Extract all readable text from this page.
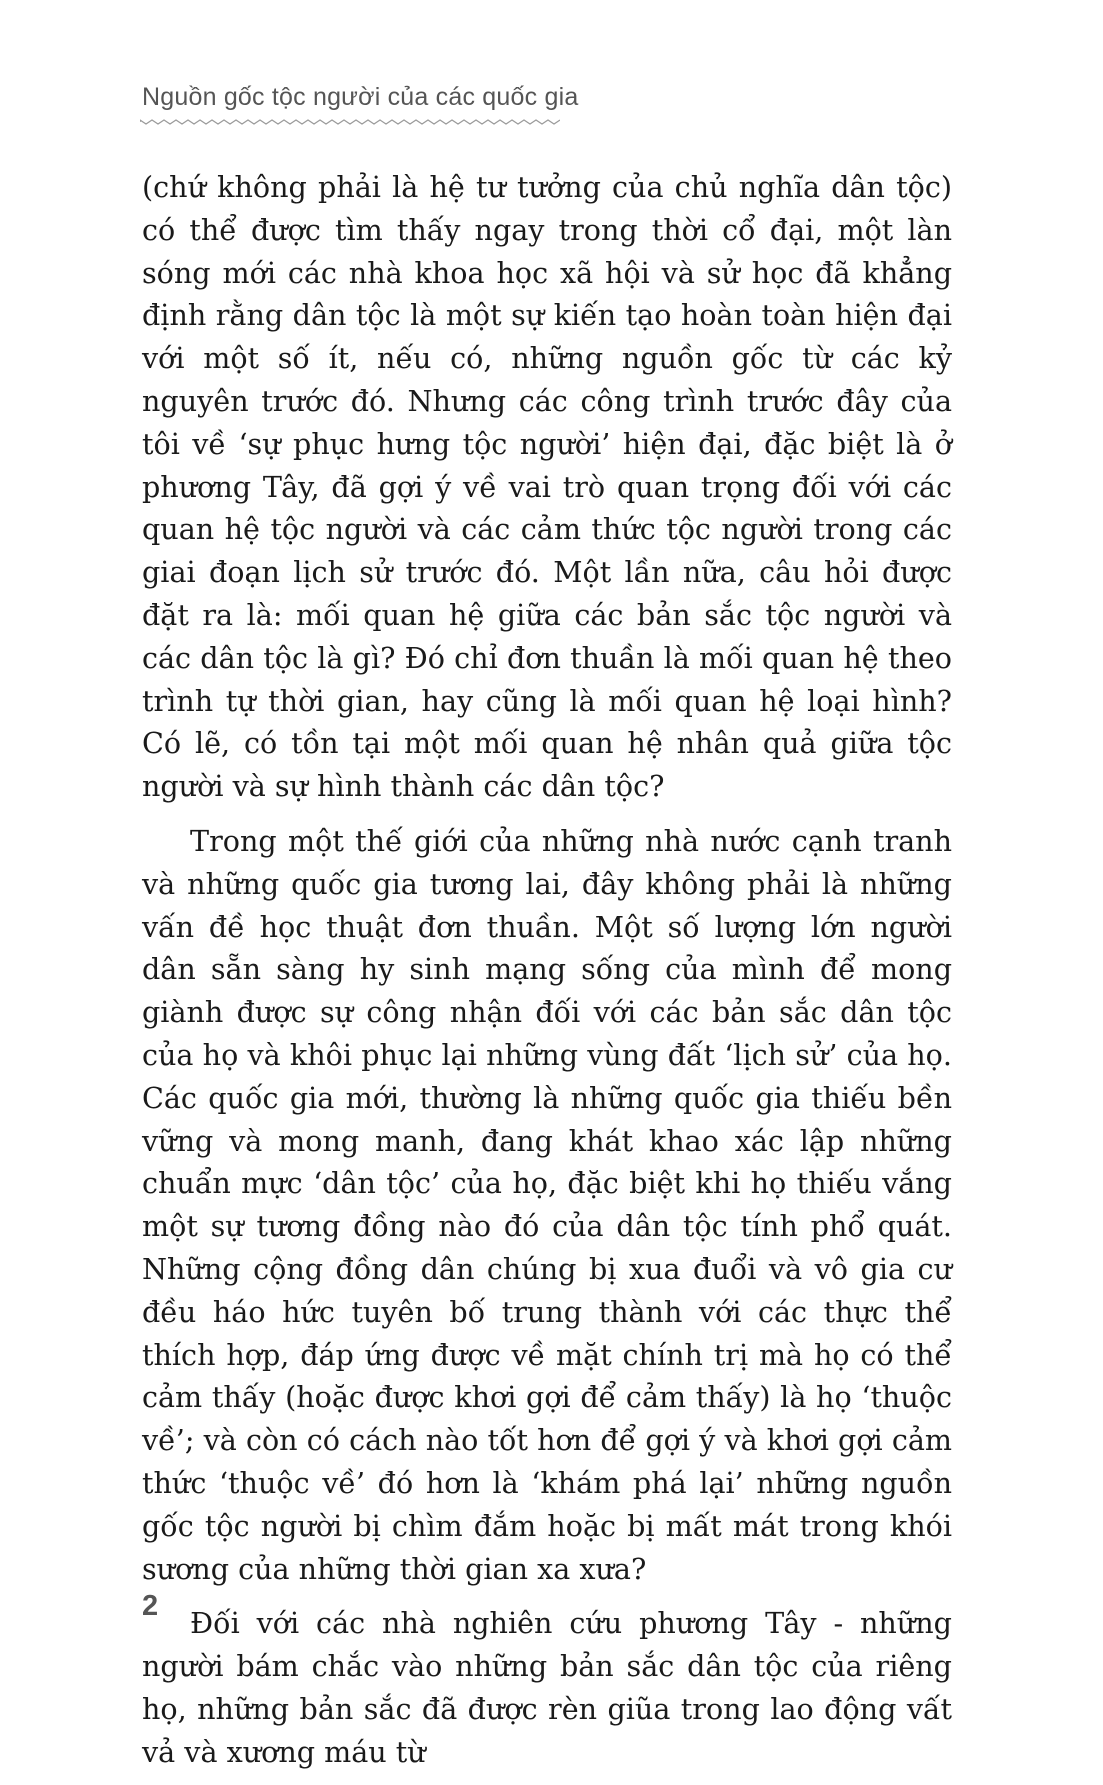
Nguồn gốc tộc người của các quốc gia

(chứ không phải là hệ tư tưởng của chủ nghĩa dân tộc) có thể được tìm thấy ngay trong thời cổ đại, một làn sóng mới các nhà khoa học xã hội và sử học đã khẳng định rằng dân tộc là một sự kiến tạo hoàn toàn hiện đại với một số ít, nếu có, những nguồn gốc từ các kỷ nguyên trước đó. Nhưng các công trình trước đây của tôi về ‘sự phục hưng tộc người’ hiện đại, đặc biệt là ở phương Tây, đã gợi ý về vai trò quan trọng đối với các quan hệ tộc người và các cảm thức tộc người trong các giai đoạn lịch sử trước đó. Một lần nữa, câu hỏi được đặt ra là: mối quan hệ giữa các bản sắc tộc người và các dân tộc là gì? Đó chỉ đơn thuần là mối quan hệ theo trình tự thời gian, hay cũng là mối quan hệ loại hình? Có lẽ, có tồn tại một mối quan hệ nhân quả giữa tộc người và sự hình thành các dân tộc?

Trong một thế giới của những nhà nước cạnh tranh và những quốc gia tương lai, đây không phải là những vấn đề học thuật đơn thuần. Một số lượng lớn người dân sẵn sàng hy sinh mạng sống của mình để mong giành được sự công nhận đối với các bản sắc dân tộc của họ và khôi phục lại những vùng đất ‘lịch sử’ của họ. Các quốc gia mới, thường là những quốc gia thiếu bền vững và mong manh, đang khát khao xác lập những chuẩn mực ‘dân tộc’ của họ, đặc biệt khi họ thiếu vắng một sự tương đồng nào đó của dân tộc tính phổ quát. Những cộng đồng dân chúng bị xua đuổi và vô gia cư đều háo hức tuyên bố trung thành với các thực thể thích hợp, đáp ứng được về mặt chính trị mà họ có thể cảm thấy (hoặc được khơi gợi để cảm thấy) là họ ‘thuộc về’; và còn có cách nào tốt hơn để gợi ý và khơi gợi cảm thức ‘thuộc về’ đó hơn là ‘khám phá lại’ những nguồn gốc tộc người bị chìm đắm hoặc bị mất mát trong khói sương của những thời gian xa xưa?

Đối với các nhà nghiên cứu phương Tây - những người bám chắc vào những bản sắc dân tộc của riêng họ, những bản sắc đã được rèn giũa trong lao động vất vả và xương máu từ

2
